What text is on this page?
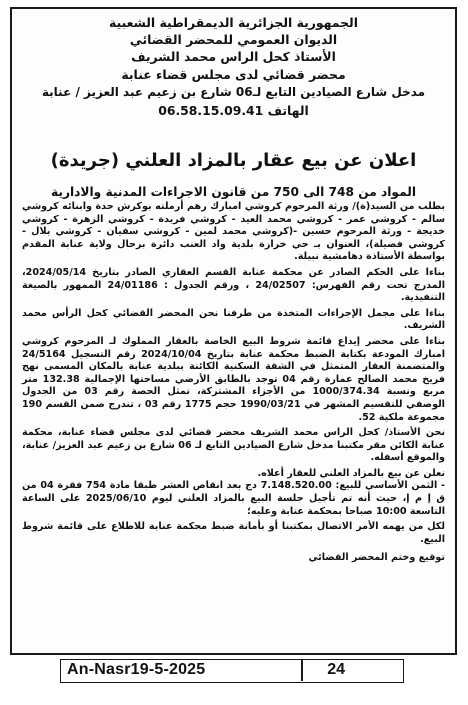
الجمهورية الجزائرية الديمقراطية الشعبية
الديوان العمومي للمحضر القضائي
الأستاذ كحل الراس محمد الشريف
محضر قضائي لدى مجلس قضاء عنابة
مدخل شارع الصيادين التابع لـ06 شارع بن زعيم عبد العزيز / عنابة
الهاتف 06.58.15.09.41
اعلان عن بيع عقار بالمزاد العلني (جريدة)
المواد من 748 الى 750 من قانون الاجراءات المدنية والادارية

بطلب من السيد(ة)/ ورثة المرحوم كروشي امبارك رهم أرملته بوكرش حدة وابنائه كروشي سالم - كروشي عمر - كروشي محمد العيد - كروشي فريدة - كروشي الزهرة - كروشي خديجة - ورثة المرحوم حسين -(كروشي محمد لمين - كروشي سفيان - كروشي بلال - كروشي فضيلة)، العنوان بـ حي خرازة بلدية واد العنب دائرة برحال ولاية عنابة المقدم بواسطة الأستاذة دهامشية نبيلة.

بناءا على الحكم الصادر عن محكمة عنابة القسم العقاري الصادر بتاريخ 2024/05/14، المدرج تحت رقم الفهرس: 24/02507 ، ورقم الجدول : 24/01186 الممهور بالصيغة التنفيذية.

بناءا على مجمل الإجراءات المتخذة من طرفنا نحن المحضر القضائي كحل الرأس محمد الشريف.

بناءا على محضر إيداع قائمة شروط البيع الخاصة بالعقار المملوك لـ المرحوم كروشي امبارك المودعة بكتابة الضبط محكمة عنابة بتاريخ 2024/10/04 رقم التسجيل 24/5164 والمتضمنة العقار المتمثل في الشقة السكنية الكائنة ببلدية عنابة بالمكان المسمى نهج فريخ محمد الصالح عمارة رقم 04 توجد بالطابق الأرضي مساحتها الإجمالية 132.38 متر مربع ونسبة 1000/374.34 من الأجزاء المشتركة، تمثل الحصة رقم 03 من الجدول الوصفي للتقسيم المشهر في 1990/03/21 حجم 1775 رقم 03 ، تندرج ضمن القسم 190 مجموعة ملكية 52.

نحن الأستاذ/ كحل الراس محمد الشريف محضر قضائي لدى مجلس قضاء عنابة، محكمة عنابة الكائن مقر مكتبنا مدخل شارع الصيادين التابع لـ 06 شارع بن زعيم عبد العزيز/ عنابة، والموقع أسفله.

نعلن عن بيع بالمزاد العلني للعقار أعلاه.

- الثمن الأساسي للبيع: 7.148.520.00 دج بعد انقاص العشر طبقا مادة 754 فقرة 04 من ق إ م إ، حيث أنه تم تأجيل جلسة البيع بالمزاد العلني ليوم 2025/06/10 على الساعة التاسعة 10:00 صباحا بمحكمة عنابة وعليه؛

لكل من يهمه الأمر الاتصال بمكتبنا أو بأمانة ضبط محكمة عنابة للاطلاع على قائمة شروط البيع.

توقيع وختم المحضر القضائي

An-Nasr19-5-2025	24
